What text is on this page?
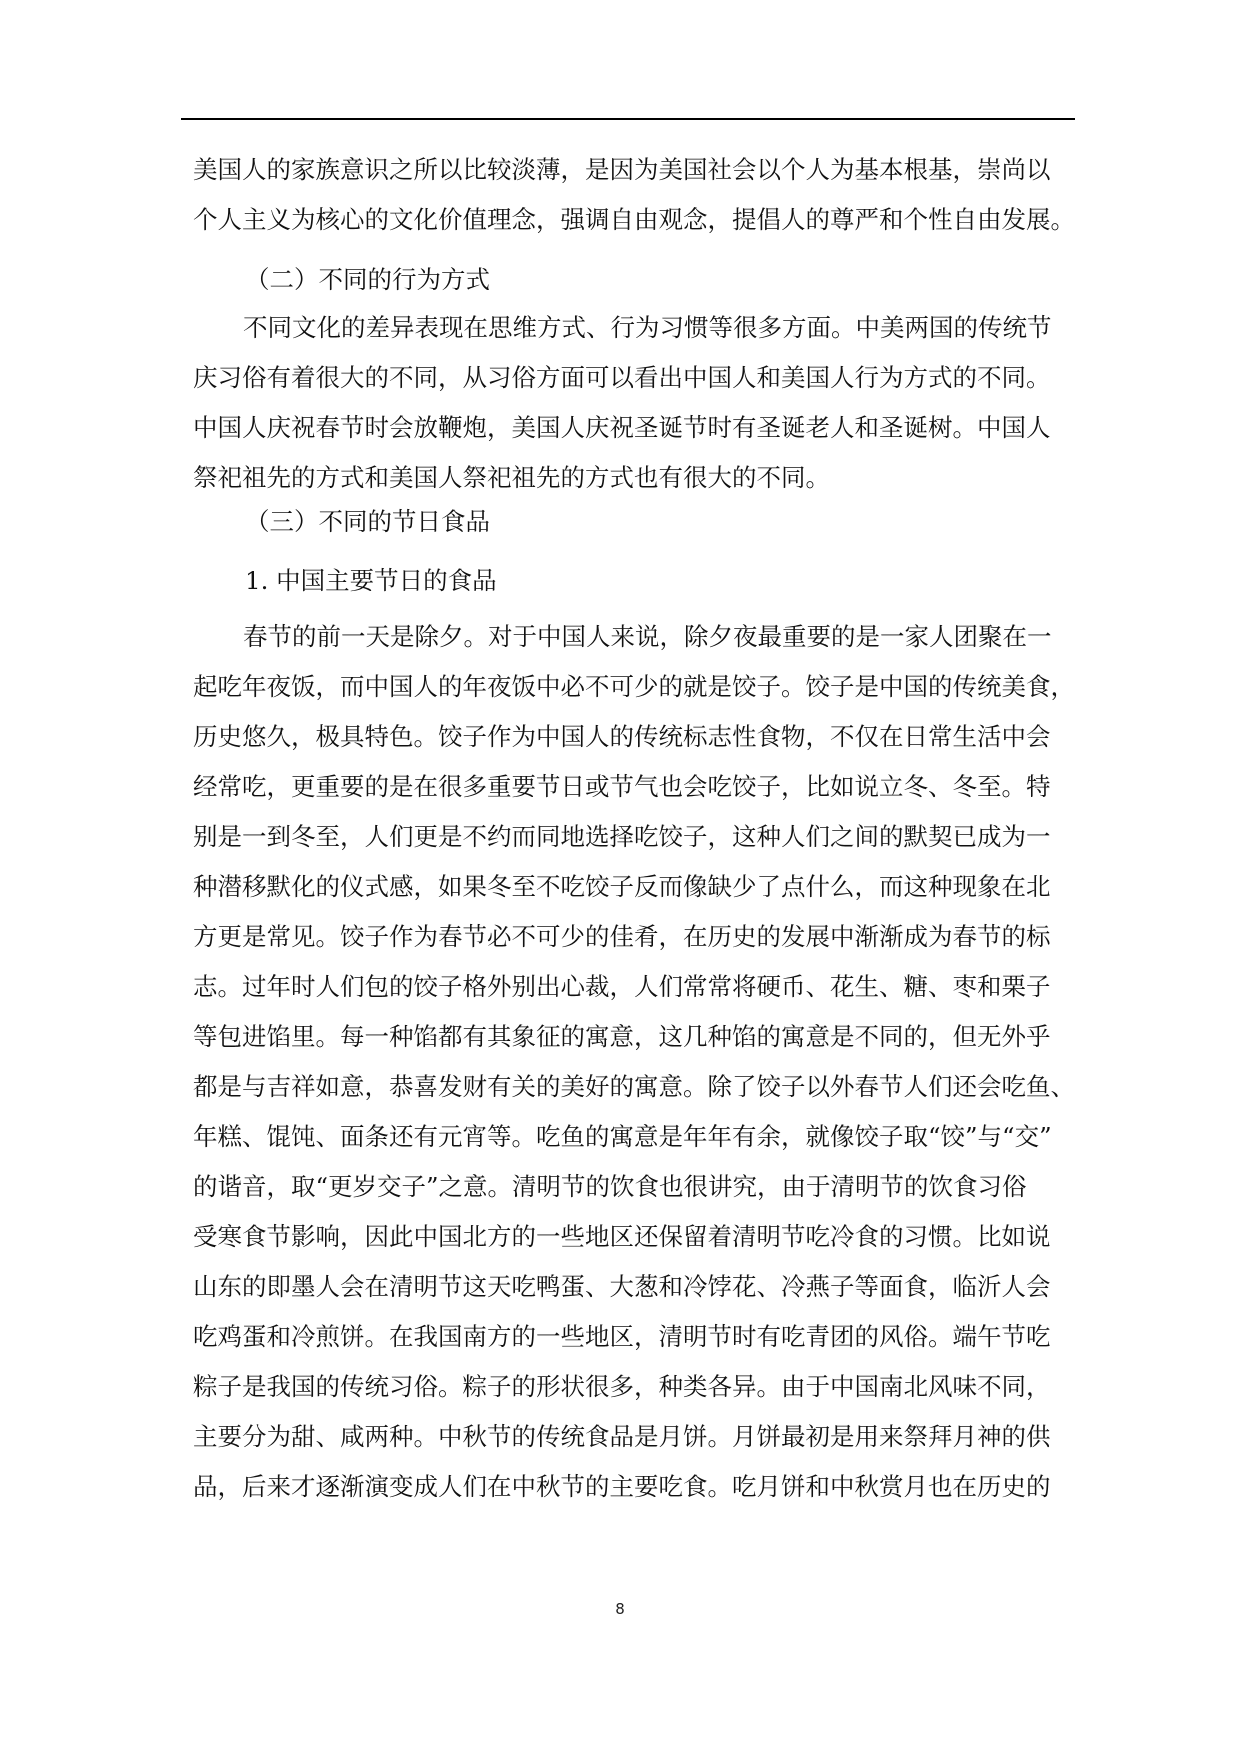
美国人的家族意识之所以比较淡薄，是因为美国社会以个人为基本根基，崇尚以
个人主义为核心的文化价值理念，强调自由观念，提倡人的尊严和个性自由发展。
（二）不同的行为方式
不同文化的差异表现在思维方式、行为习惯等很多方面。中美两国的传统节
庆习俗有着很大的不同，从习俗方面可以看出中国人和美国人行为方式的不同。
中国人庆祝春节时会放鞭炮，美国人庆祝圣诞节时有圣诞老人和圣诞树。中国人
祭祀祖先的方式和美国人祭祀祖先的方式也有很大的不同。
（三）不同的节日食品
1. 中国主要节日的食品
春节的前一天是除夕。对于中国人来说，除夕夜最重要的是一家人团聚在一
起吃年夜饭，而中国人的年夜饭中必不可少的就是饺子。饺子是中国的传统美食，
历史悠久，极具特色。饺子作为中国人的传统标志性食物，不仅在日常生活中会
经常吃，更重要的是在很多重要节日或节气也会吃饺子，比如说立冬、冬至。特
别是一到冬至，人们更是不约而同地选择吃饺子，这种人们之间的默契已成为一
种潜移默化的仪式感，如果冬至不吃饺子反而像缺少了点什么，而这种现象在北
方更是常见。饺子作为春节必不可少的佳肴，在历史的发展中渐渐成为春节的标
志。过年时人们包的饺子格外别出心裁，人们常常将硬币、花生、糖、枣和栗子
等包进馅里。每一种馅都有其象征的寓意，这几种馅的寓意是不同的，但无外乎
都是与吉祥如意，恭喜发财有关的美好的寓意。除了饺子以外春节人们还会吃鱼、
年糕、馄饨、面条还有元宵等。吃鱼的寓意是年年有余，就像饺子取“饺”与“交”
的谐音，取“更岁交子”之意。清明节的饮食也很讲究，由于清明节的饮食习俗
受寒食节影响，因此中国北方的一些地区还保留着清明节吃冷食的习惯。比如说
山东的即墨人会在清明节这天吃鸭蛋、大葱和冷饽花、冷燕子等面食，临沂人会
吃鸡蛋和冷煎饼。在我国南方的一些地区，清明节时有吃青团的风俗。端午节吃
粽子是我国的传统习俗。粽子的形状很多，种类各异。由于中国南北风味不同，
主要分为甜、咸两种。中秋节的传统食品是月饼。月饼最初是用来祭拜月神的供
品，后来才逐渐演变成人们在中秋节的主要吃食。吃月饼和中秋赏月也在历史的
8
